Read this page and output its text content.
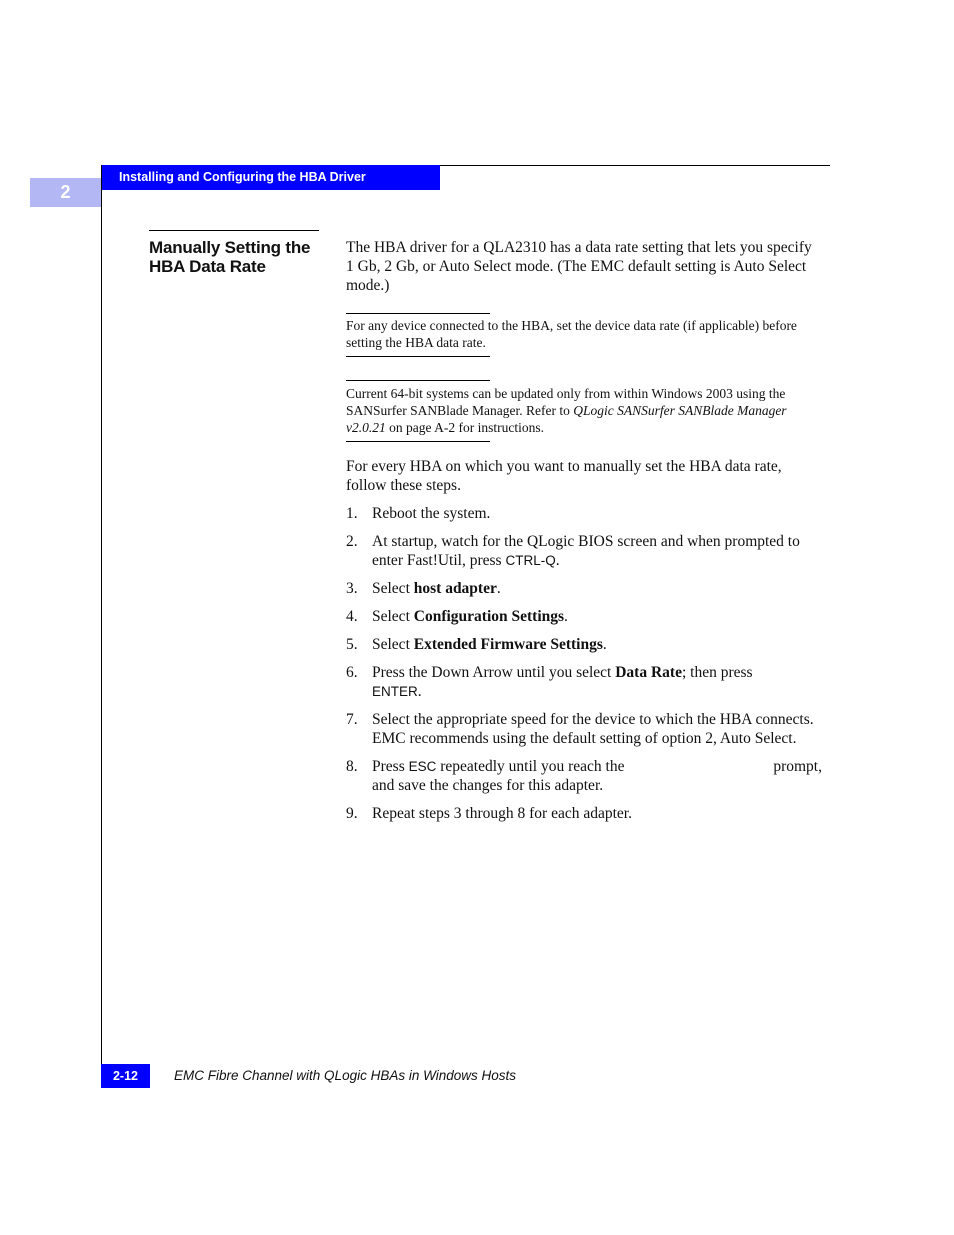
2
Installing and Configuring the HBA Driver
Manually Setting the
HBA Data Rate

The HBA driver for a QLA2310 has a data rate setting that lets you specify 1 Gb, 2 Gb, or Auto Select mode. (The EMC default setting is Auto Select mode.)

For any device connected to the HBA, set the device data rate (if applicable) before setting the HBA data rate.

Current 64-bit systems can be updated only from within Windows 2003 using the SANSurfer SANBlade Manager. Refer to QLogic SANSurfer SANBlade Manager v2.0.21 on page A-2 for instructions.

For every HBA on which you want to manually set the HBA data rate, follow these steps.

1. Reboot the system.
2. At startup, watch for the QLogic BIOS screen and when prompted to enter Fast!Util, press CTRL-Q.
3. Select host adapter.
4. Select Configuration Settings.
5. Select Extended Firmware Settings.
6. Press the Down Arrow until you select Data Rate; then press
ENTER.
7. Select the appropriate speed for the device to which the HBA connects. EMC recommends using the default setting of option 2, Auto Select.
8.	prompt,
Press ESC repeatedly until you reach the
and save the changes for this adapter.
9. Repeat steps 3 through 8 for each adapter.
2-12	EMC Fibre Channel with QLogic HBAs in Windows Hosts
